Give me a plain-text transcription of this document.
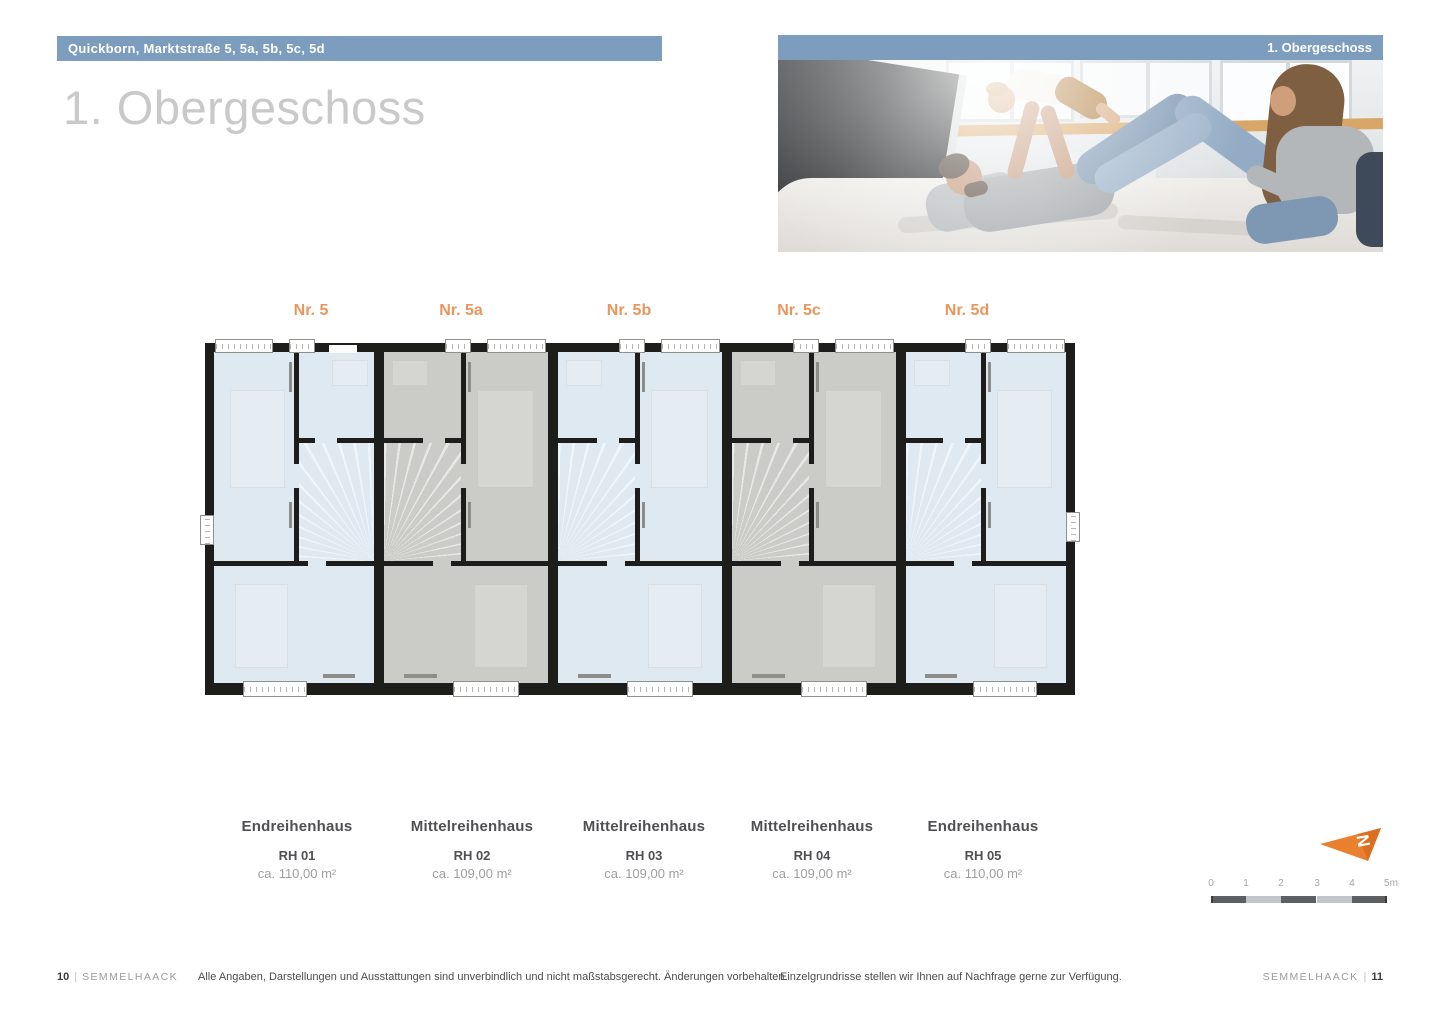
Quickborn, Marktstraße 5, 5a, 5b, 5c, 5d
1. Obergeschoss
1. Obergeschoss
Nr. 5	Nr. 5a	Nr. 5b	Nr. 5c	Nr. 5d
Endreihenhaus
RH 01
ca. 110,00 m²
Mittelreihenhaus
RH 02
ca. 109,00 m²
Mittelreihenhaus
RH 03
ca. 109,00 m²
Mittelreihenhaus
RH 04
ca. 109,00 m²
Endreihenhaus
RH 05
ca. 110,00 m²
N
0	1	2	3	4	5m
10 | SEMMELHAACK Alle Angaben, Darstellungen und Ausstattungen sind unverbindlich und nicht maßstabsgerecht. Änderungen vorbehalten.
Einzelgrundrisse stellen wir Ihnen auf Nachfrage gerne zur Verfügung.	SEMMELHAACK | 11
